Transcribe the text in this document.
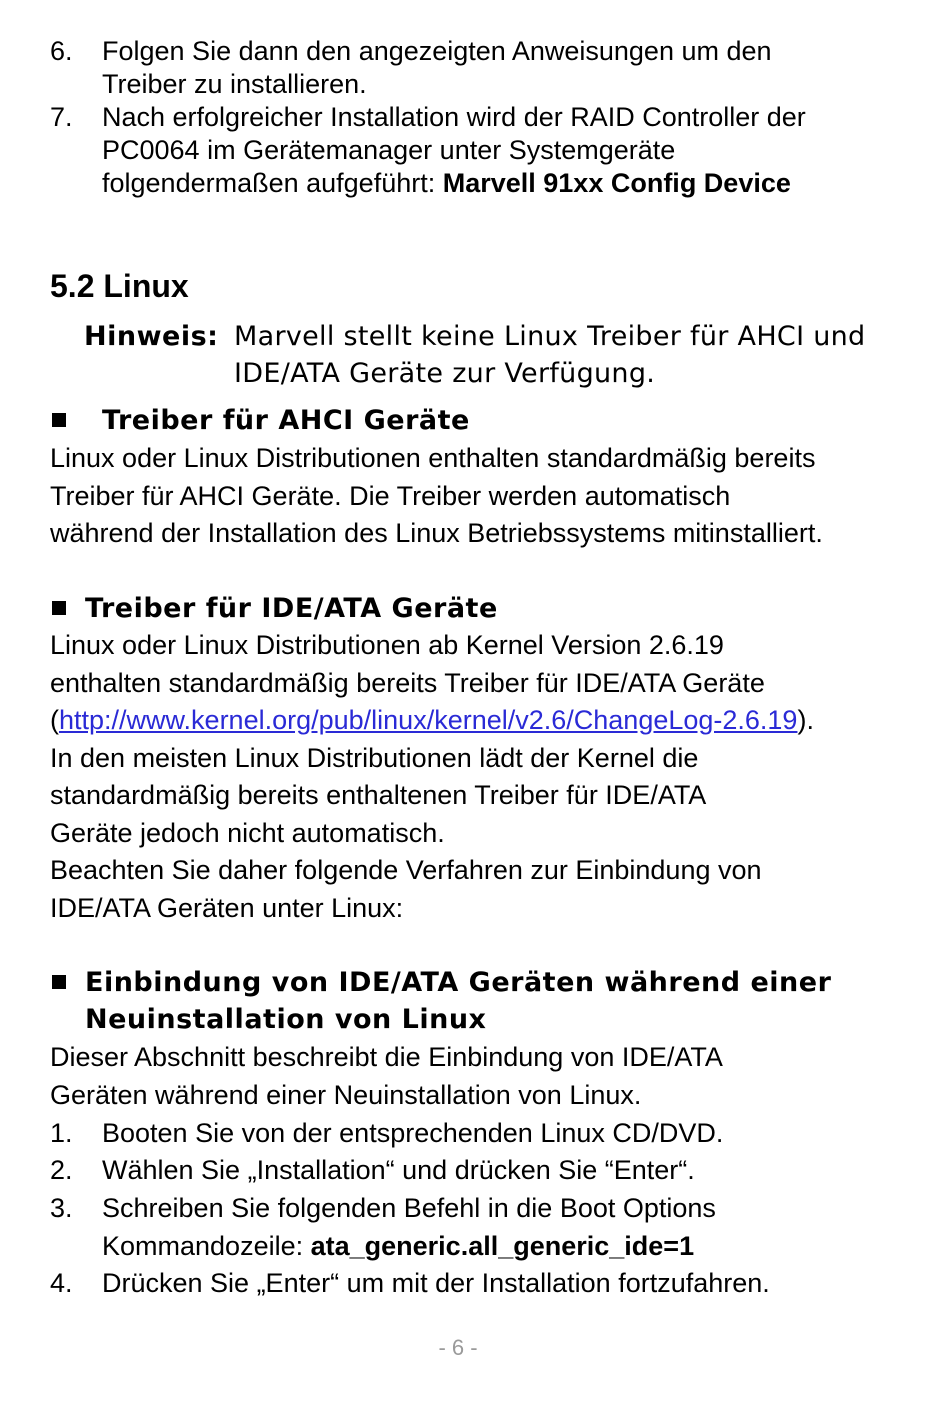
6. Folgen Sie dann den angezeigten Anweisungen um den
Treiber zu installieren.
7. Nach erfolgreicher Installation wird der RAID Controller der
PC0064 im Gerätemanager unter Systemgeräte
folgendermaßen aufgeführt: Marvell 91xx Config Device
5.2 Linux
Hinweis: Marvell stellt keine Linux Treiber für AHCI und
IDE/ATA Geräte zur Verfügung.
Treiber für AHCI Geräte
Linux oder Linux Distributionen enthalten standardmäßig bereits
Treiber für AHCI Geräte. Die Treiber werden automatisch
während der Installation des Linux Betriebssystems mitinstalliert.
Treiber für IDE/ATA Geräte
Linux oder Linux Distributionen ab Kernel Version 2.6.19
enthalten standardmäßig bereits Treiber für IDE/ATA Geräte
(http://www.kernel.org/pub/linux/kernel/v2.6/ChangeLog-2.6.19).
In den meisten Linux Distributionen lädt der Kernel die
standardmäßig bereits enthaltenen Treiber für IDE/ATA
Geräte jedoch nicht automatisch.
Beachten Sie daher folgende Verfahren zur Einbindung von
IDE/ATA Geräten unter Linux:
Einbindung von IDE/ATA Geräten während einer
Neuinstallation von Linux
Dieser Abschnitt beschreibt die Einbindung von IDE/ATA
Geräten während einer Neuinstallation von Linux.
1. Booten Sie von der entsprechenden Linux CD/DVD.
2. Wählen Sie „Installation“ und drücken Sie “Enter“.
3. Schreiben Sie folgenden Befehl in die Boot Options
Kommandozeile: ata_generic.all_generic_ide=1
4. Drücken Sie „Enter“ um mit der Installation fortzufahren.
- 6 -
